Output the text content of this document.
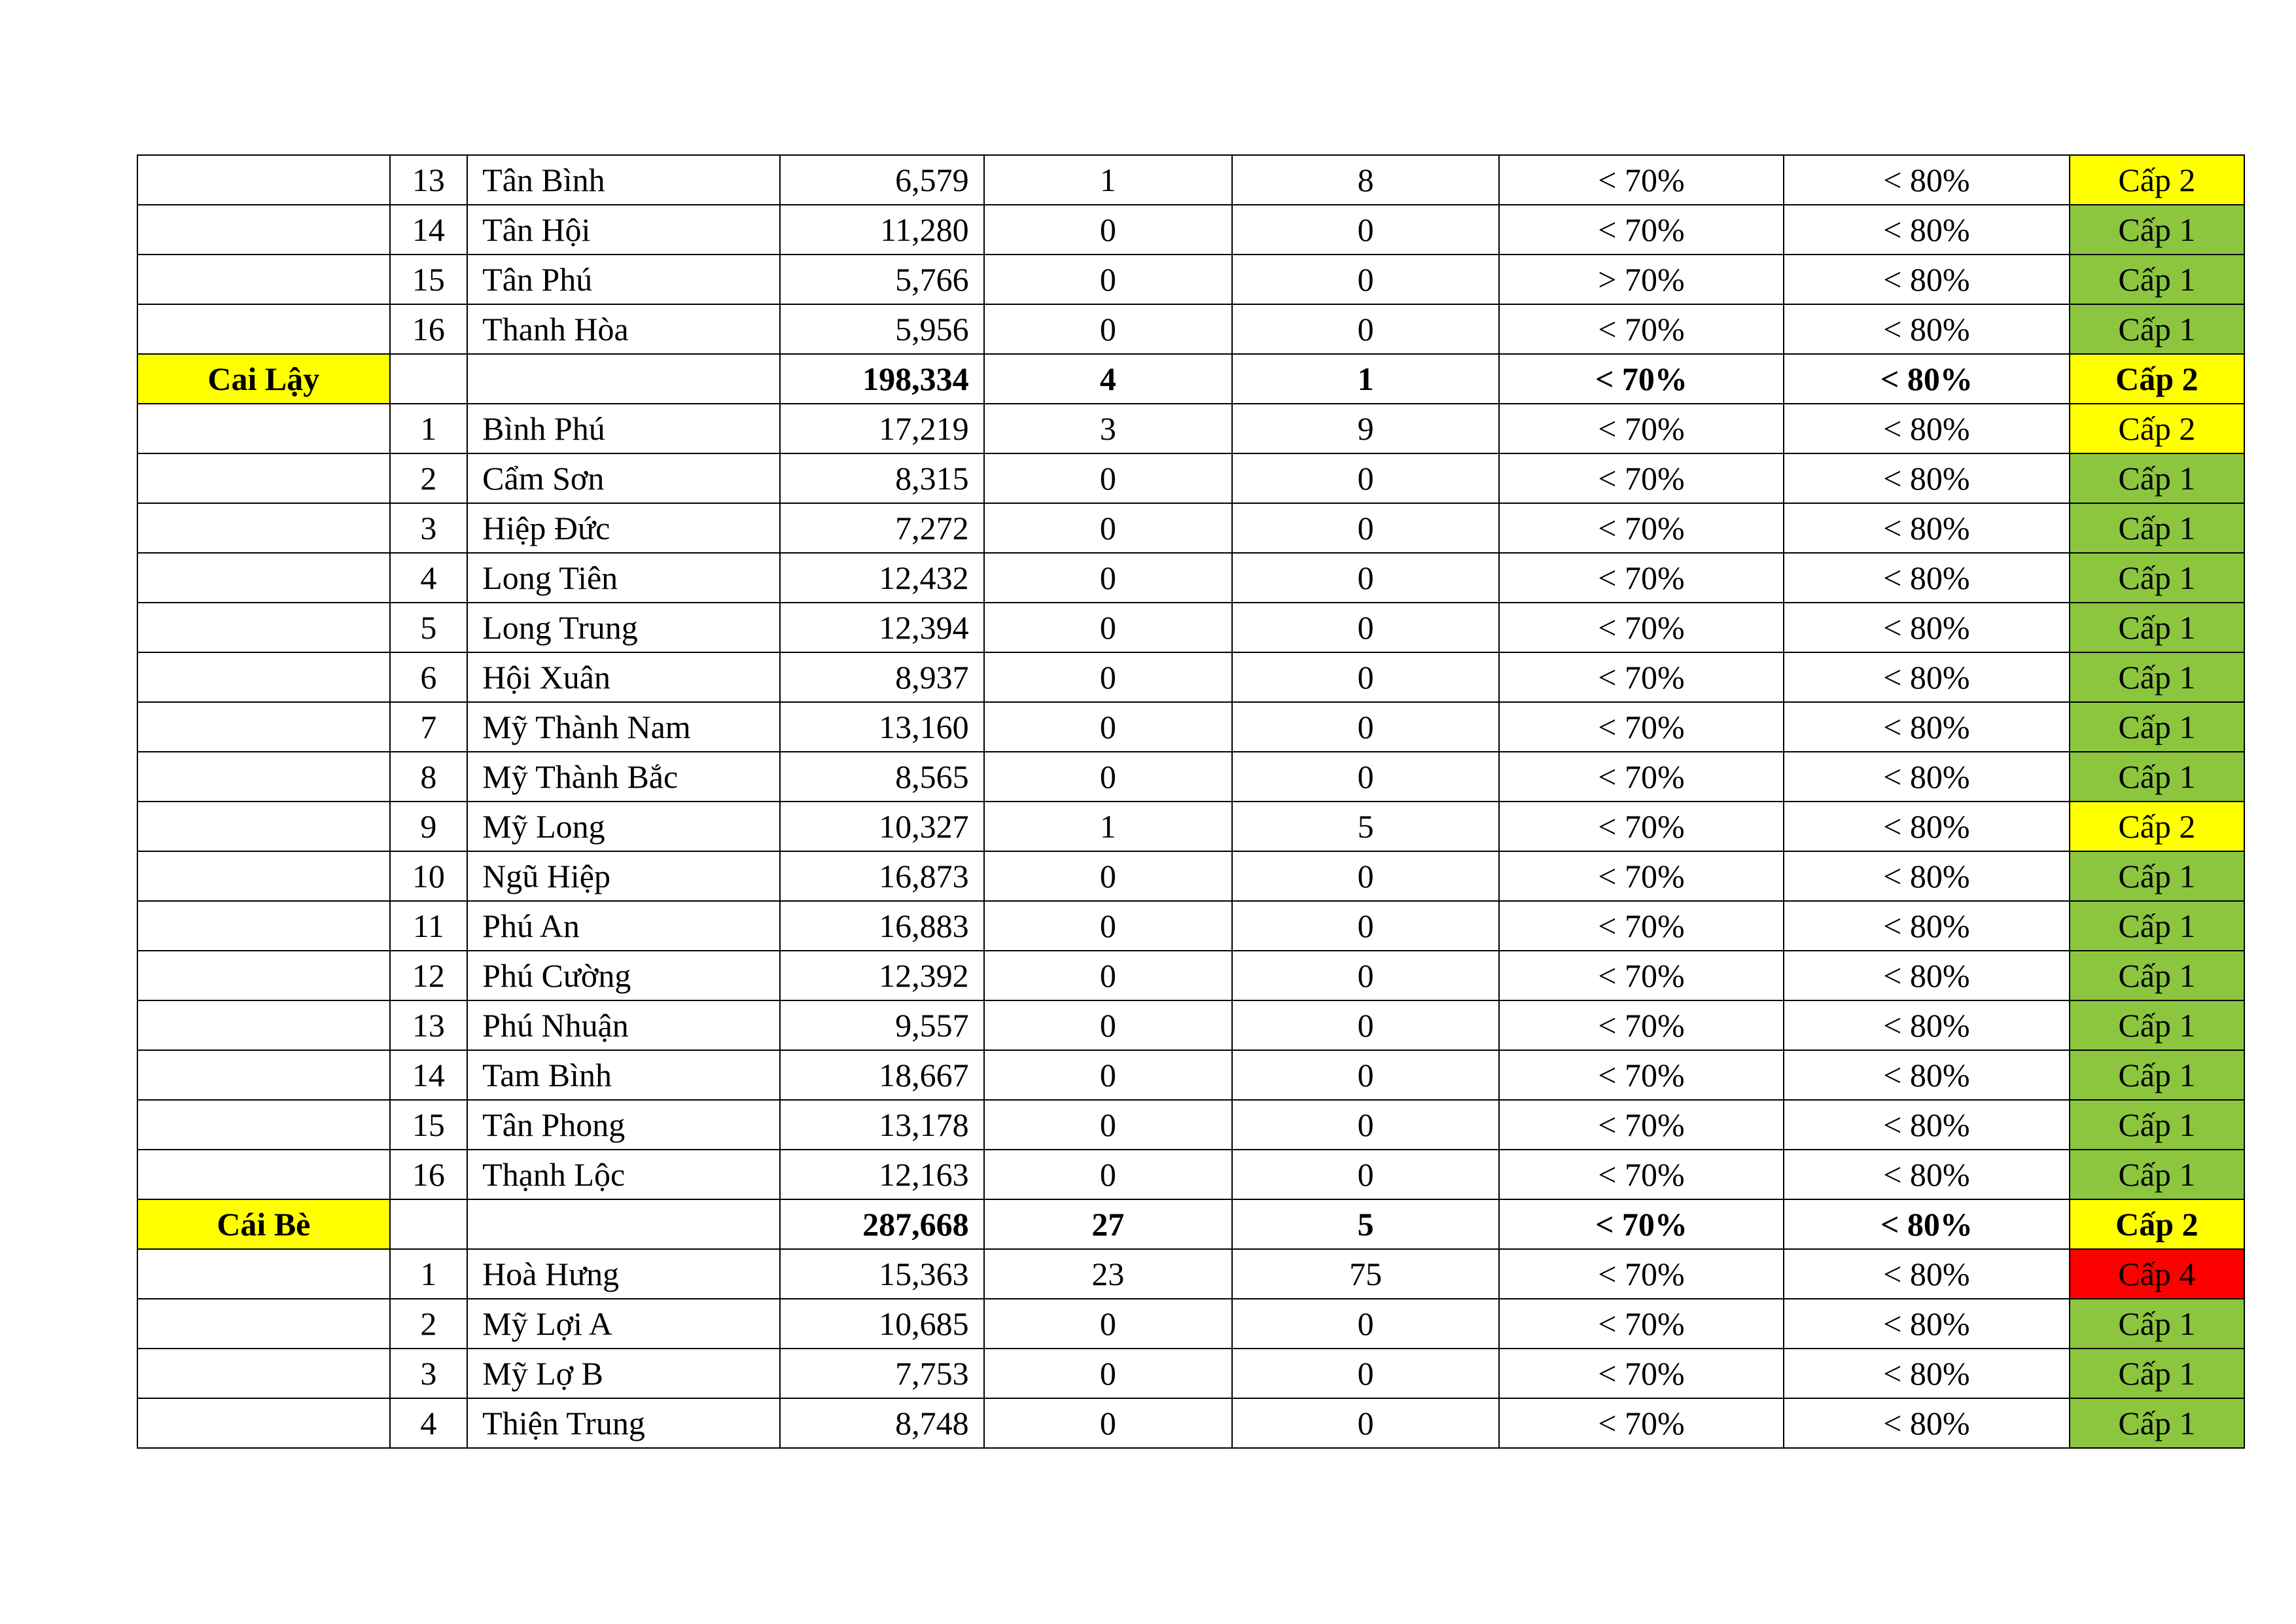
	13	Tân Bình	6,579	1	8	< 70%	< 80%	Cấp 2
	14	Tân Hội	11,280	0	0	< 70%	< 80%	Cấp 1
	15	Tân Phú	5,766	0	0	> 70%	< 80%	Cấp 1
	16	Thanh Hòa	5,956	0	0	< 70%	< 80%	Cấp 1
Cai Lậy			198,334	4	1	< 70%	< 80%	Cấp 2
	1	Bình Phú	17,219	3	9	< 70%	< 80%	Cấp 2
	2	Cẩm Sơn	8,315	0	0	< 70%	< 80%	Cấp 1
	3	Hiệp Đức	7,272	0	0	< 70%	< 80%	Cấp 1
	4	Long Tiên	12,432	0	0	< 70%	< 80%	Cấp 1
	5	Long Trung	12,394	0	0	< 70%	< 80%	Cấp 1
	6	Hội Xuân	8,937	0	0	< 70%	< 80%	Cấp 1
	7	Mỹ Thành Nam	13,160	0	0	< 70%	< 80%	Cấp 1
	8	Mỹ Thành Bắc	8,565	0	0	< 70%	< 80%	Cấp 1
	9	Mỹ Long	10,327	1	5	< 70%	< 80%	Cấp 2
	10	Ngũ Hiệp	16,873	0	0	< 70%	< 80%	Cấp 1
	11	Phú An	16,883	0	0	< 70%	< 80%	Cấp 1
	12	Phú Cường	12,392	0	0	< 70%	< 80%	Cấp 1
	13	Phú Nhuận	9,557	0	0	< 70%	< 80%	Cấp 1
	14	Tam Bình	18,667	0	0	< 70%	< 80%	Cấp 1
	15	Tân Phong	13,178	0	0	< 70%	< 80%	Cấp 1
	16	Thạnh Lộc	12,163	0	0	< 70%	< 80%	Cấp 1
Cái Bè			287,668	27	5	< 70%	< 80%	Cấp 2
	1	Hoà Hưng	15,363	23	75	< 70%	< 80%	Cấp 4
	2	Mỹ Lợi A	10,685	0	0	< 70%	< 80%	Cấp 1
	3	Mỹ Lợ B	7,753	0	0	< 70%	< 80%	Cấp 1
	4	Thiện Trung	8,748	0	0	< 70%	< 80%	Cấp 1
